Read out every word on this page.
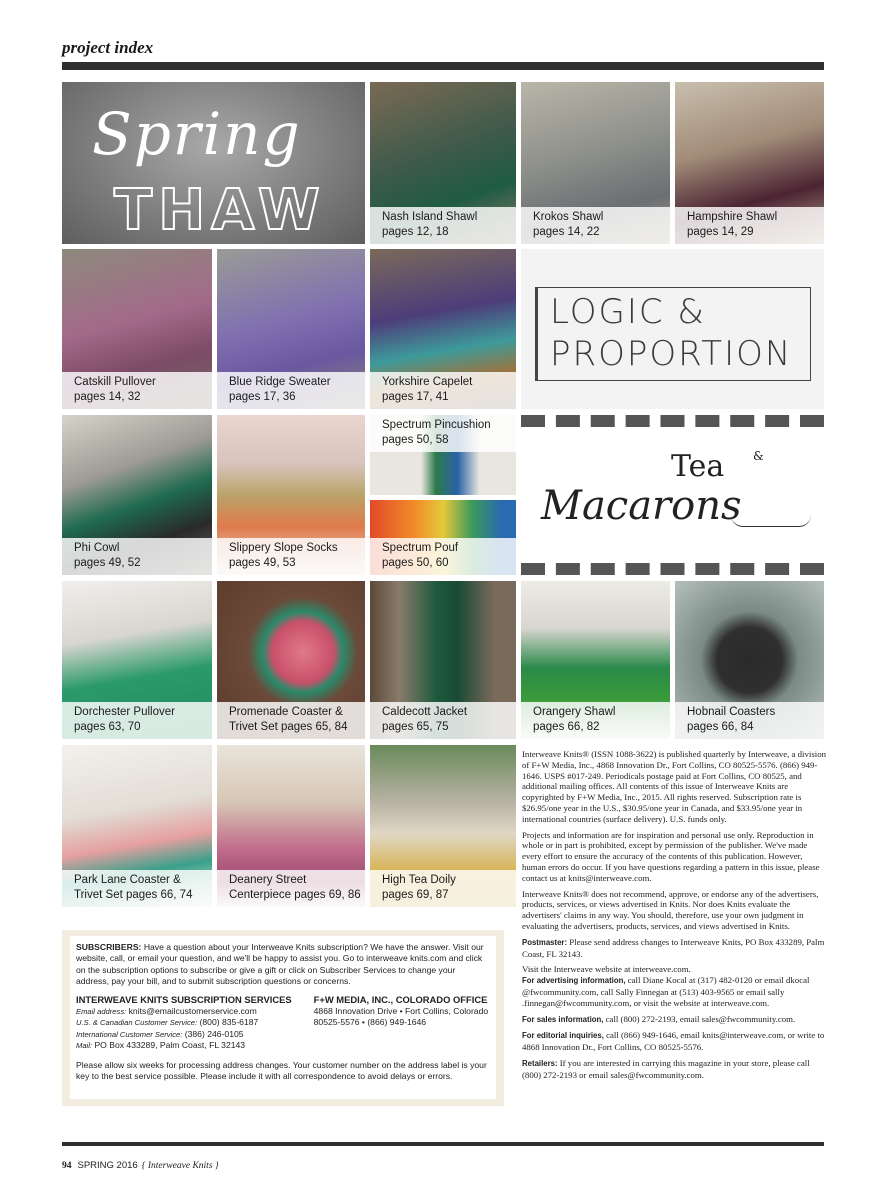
project index
Spring
THAW	Nash Island Shawl
pages 12, 18
Krokos Shawl
pages 14, 22
Hampshire Shawl
pages 14, 29
Catskill Pullover
pages 14, 32
Blue Ridge Sweater
pages 17, 36
Yorkshire Capelet
pages 17, 41
LOGIC &
PROPORTION
Phi Cowl
pages 49, 52
Slippery Slope Socks
pages 49, 53
Spectrum Pincushion
pages 50, 58
Spectrum Pouf
pages 50, 60
Tea &
Macarons
Dorchester Pullover
pages 63, 70
Promenade Coaster &
Trivet Set pages 65, 84
Caldecott Jacket
pages 65, 75
Orangery Shawl
pages 66, 82
Hobnail Coasters
pages 66, 84
Park Lane Coaster &
Trivet Set pages 66, 74
Deanery Street
Centerpiece pages 69, 86
High Tea Doily
pages 69, 87

Interweave Knits® (ISSN 1088-3622) is published quarterly by Interweave, a division of F+W Media, Inc., 4868 Innovation Dr., Fort Collins, CO 80525-5576. (866) 949-1646. USPS #017-249. Periodicals postage paid at Fort Collins, CO 80525, and additional mailing offices. All contents of this issue of Interweave Knits are copyrighted by F+W Media, Inc., 2015. All rights reserved. Subscription rate is $26.95/one year in the U.S., $30.95/one year in Canada, and $33.95/one year in international countries (surface delivery). U.S. funds only.

Projects and information are for inspiration and personal use only. Reproduction in whole or in part is prohibited, except by permission of the publisher. We've made every effort to ensure the accuracy of the contents of this publication. However, human errors do occur. If you have questions regarding a pattern in this issue, please contact us at knits@interweave.com.

Interweave Knits® does not recommend, approve, or endorse any of the advertisers, products, services, or views advertised in Knits. Nor does Knits evaluate the advertisers' claims in any way. You should, therefore, use your own judgment in evaluating the advertisers, products, services, and views advertised in Knits.

Postmaster: Please send address changes to Interweave Knits, PO Box 433289, Palm Coast, FL 32143.

Visit the Interweave website at interweave.com.
For advertising information, call Diane Kocal at (317) 482-0120 or email dkocal @fwcommunity.com, call Sally Finnegan at (513) 403-9565 or email sally .finnegan@fwcommunity.com, or visit the website at interweave.com.

For sales information, call (800) 272-2193, email sales@fwcommunity.com.

For editorial inquiries, call (866) 949-1646, email knits@interweave.com, or write to 4868 Innovation Dr., Fort Collins, CO 80525-5576.

Retailers: If you are interested in carrying this magazine in your store, please call (800) 272-2193 or email sales@fwcommunity.com.

SUBSCRIBERS: Have a question about your Interweave Knits subscription? We have the answer. Visit our website, call, or email your question, and we'll be happy to assist you. Go to interweave knits.com and click on the subscription options to subscribe or give a gift or click on Subscriber Services to change your address, pay your bill, and to submit subscription questions or concerns.

INTERWEAVE KNITS SUBSCRIPTION SERVICES
Email address: knits@emailcustomerservice.com
U.S. & Canadian Customer Service: (800) 835-6187
International Customer Service: (386) 246-0105
Mail: PO Box 433289, Palm Coast, FL 32143
F+W MEDIA, INC., COLORADO OFFICE
4868 Innovation Drive • Fort Collins, Colorado
80525-5576 • (866) 949-1646

Please allow six weeks for processing address changes. Your customer number on the address label is your key to the best service possible. Please include it with all correspondence to avoid delays or errors.

94 SPRING 2016 { Interweave Knits }
